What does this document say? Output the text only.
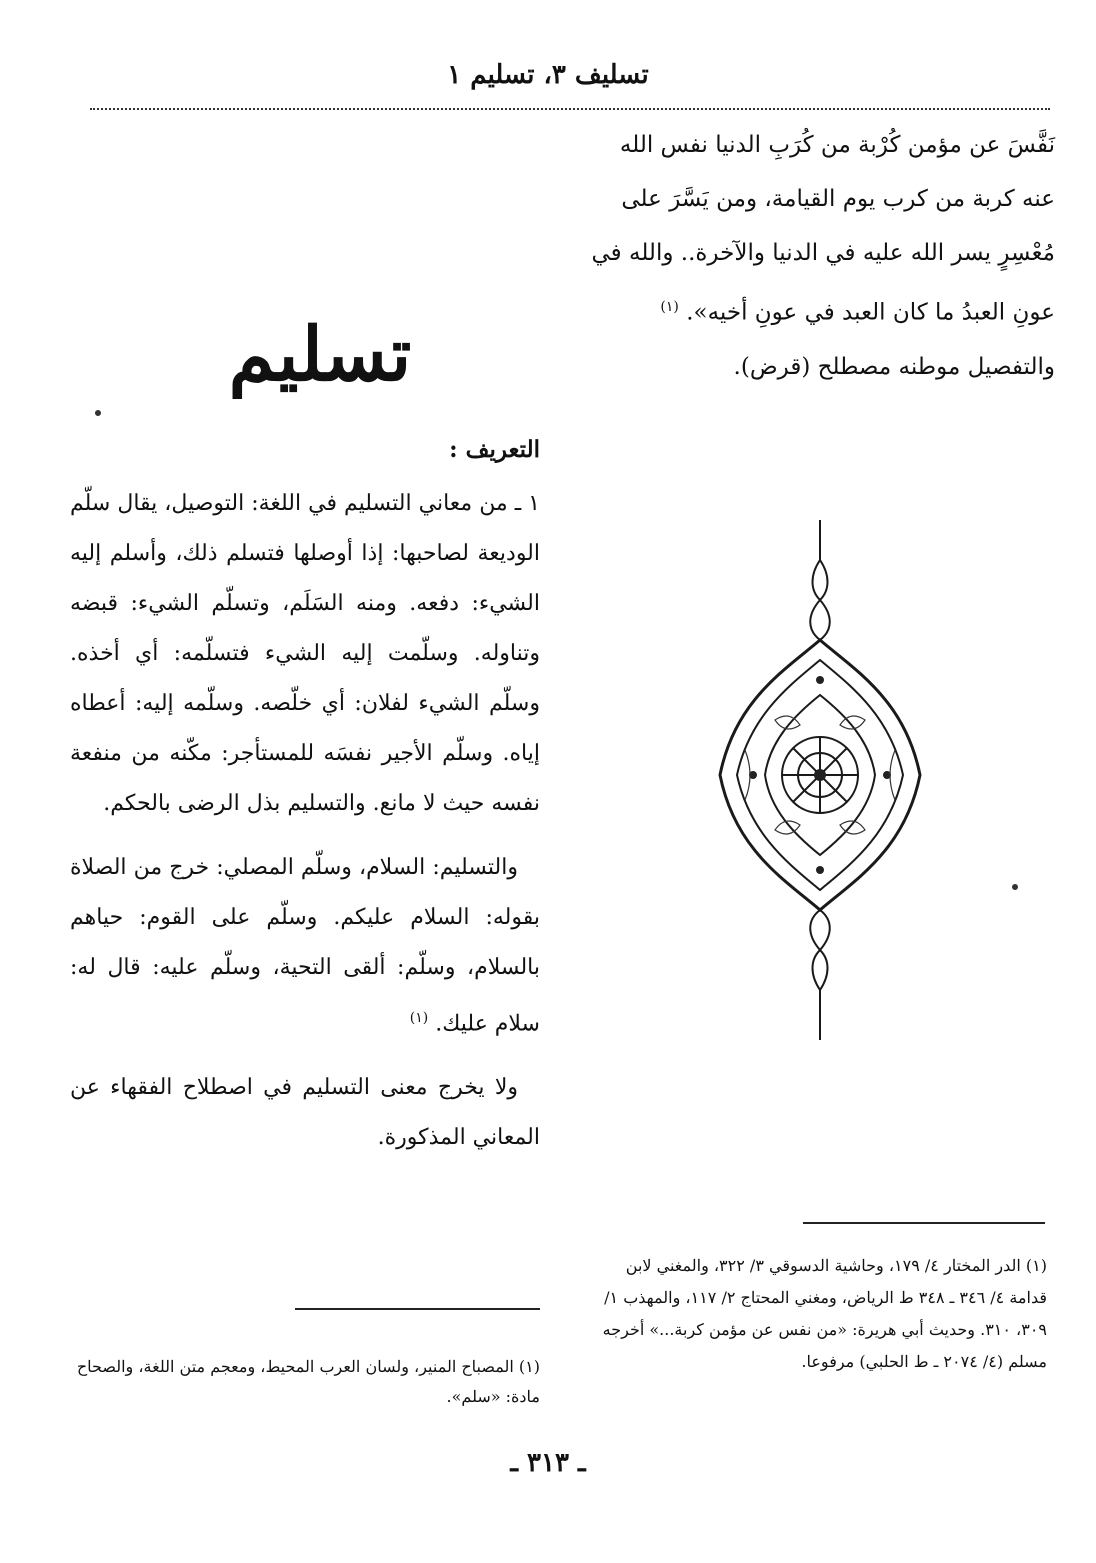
تسليف ٣، تسليم ١

نَفَّسَ عن مؤمن كُرْبة من كُرَبِ الدنيا نفس الله عنه كربة من كرب يوم القيامة، ومن يَسَّرَ على مُعْسِرٍ يسر الله عليه في الدنيا والآخرة.. والله في عونِ العبدُ ما كان العبد في عونِ أخيه». $^{(١)}$

والتفصيل موطنه مصطلح (قرض).

تسليم
التعريف :

١ ـ من معاني التسليم في اللغة: التوصيل، يقال سلّم الوديعة لصاحبها: إذا أوصلها فتسلم ذلك، وأسلم إليه الشيء: دفعه. ومنه السَلَم، وتسلّم الشيء: قبضه وتناوله. وسلّمت إليه الشيء فتسلّمه: أي أخذه. وسلّم الشيء لفلان: أي خلّصه. وسلّمه إليه: أعطاه إياه. وسلّم الأجير نفسَه للمستأجر: مكّنه من منفعة نفسه حيث لا مانع. والتسليم بذل الرضى بالحكم.

والتسليم: السلام، وسلّم المصلي: خرج من الصلاة بقوله: السلام عليكم. وسلّم على القوم: حياهم بالسلام، وسلّم: ألقى التحية، وسلّم عليه: قال له: سلام عليك. $^{(١)}$

ولا يخرج معنى التسليم في اصطلاح الفقهاء عن المعاني المذكورة.

(١) المصباح المنير، ولسان العرب المحيط، ومعجم متن اللغة، والصحاح مادة: «سلم».

(١) الدر المختار ٤/ ١٧٩، وحاشية الدسوقي ٣/ ٣٢٢، والمغني لابن قدامة ٤/ ٣٤٦ ـ ٣٤٨ ط الرياض، ومغني المحتاج ٢/ ١١٧، والمهذب ١/ ٣٠٩، ٣١٠. وحديث أبي هريرة: «من نفس عن مؤمن كربة...» أخرجه مسلم (٤/ ٢٠٧٤ ـ ط الحلبي) مرفوعا.

ـ ٣١٣ ـ
